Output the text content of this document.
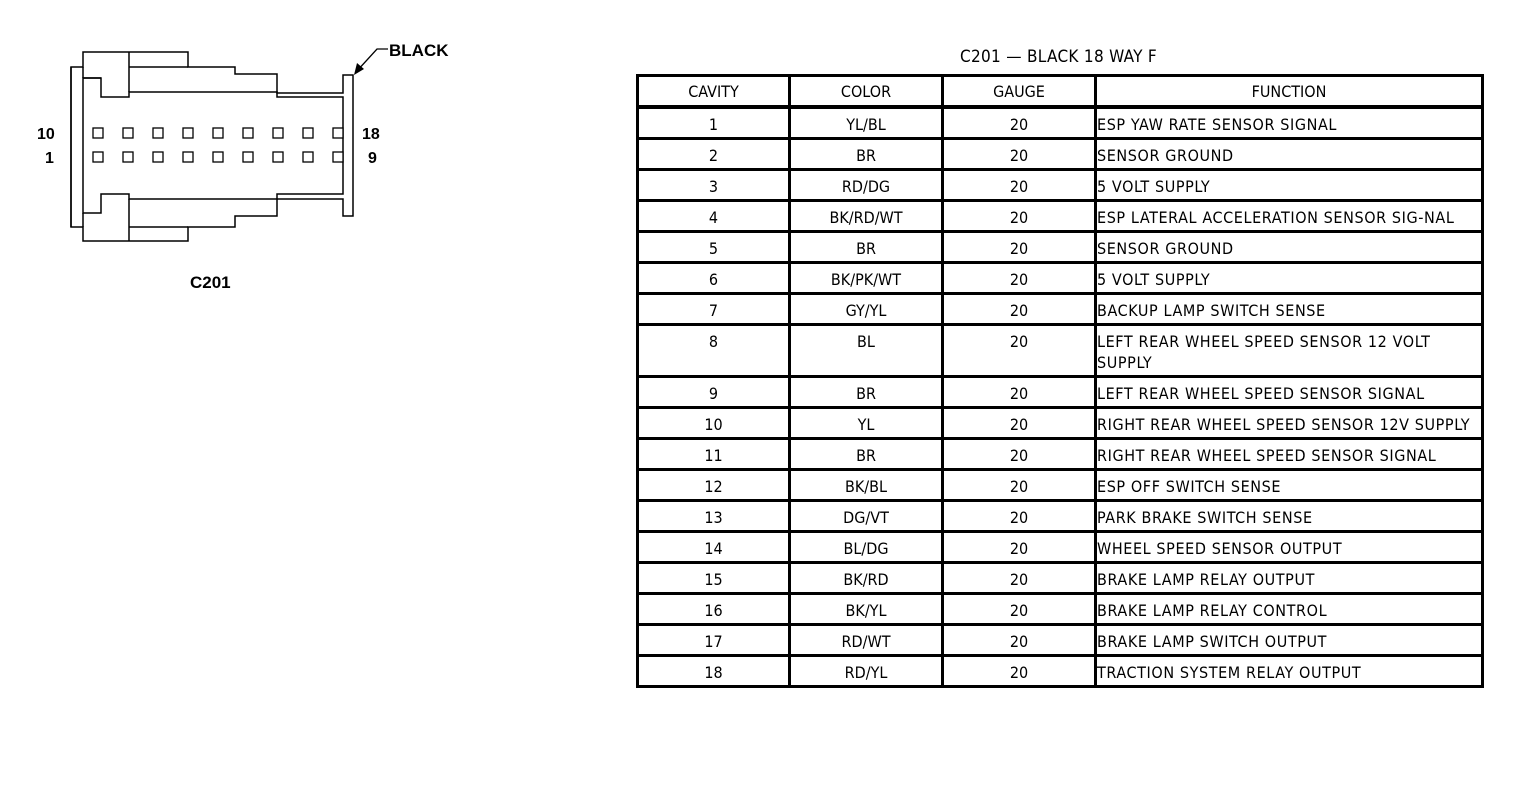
10
1
18
9
BLACK
C201
C201 — BLACK 18 WAY F
CAVITY	COLOR	GAUGE	FUNCTION
1	YL/BL	20	ESP YAW RATE SENSOR SIGNAL
2	BR	20	SENSOR GROUND
3	RD/DG	20	5 VOLT SUPPLY
4	BK/RD/WT	20	ESP LATERAL ACCELERATION SENSOR SIG-NAL
5	BR	20	SENSOR GROUND
6	BK/PK/WT	20	5 VOLT SUPPLY
7	GY/YL	20	BACKUP LAMP SWITCH SENSE
8	BL	20	LEFT REAR WHEEL SPEED SENSOR 12 VOLT SUPPLY
9	BR	20	LEFT REAR WHEEL SPEED SENSOR SIGNAL
10	YL	20	RIGHT REAR WHEEL SPEED SENSOR 12V SUPPLY
11	BR	20	RIGHT REAR WHEEL SPEED SENSOR SIGNAL
12	BK/BL	20	ESP OFF SWITCH SENSE
13	DG/VT	20	PARK BRAKE SWITCH SENSE
14	BL/DG	20	WHEEL SPEED SENSOR OUTPUT
15	BK/RD	20	BRAKE LAMP RELAY OUTPUT
16	BK/YL	20	BRAKE LAMP RELAY CONTROL
17	RD/WT	20	BRAKE LAMP SWITCH OUTPUT
18	RD/YL	20	TRACTION SYSTEM RELAY OUTPUT
